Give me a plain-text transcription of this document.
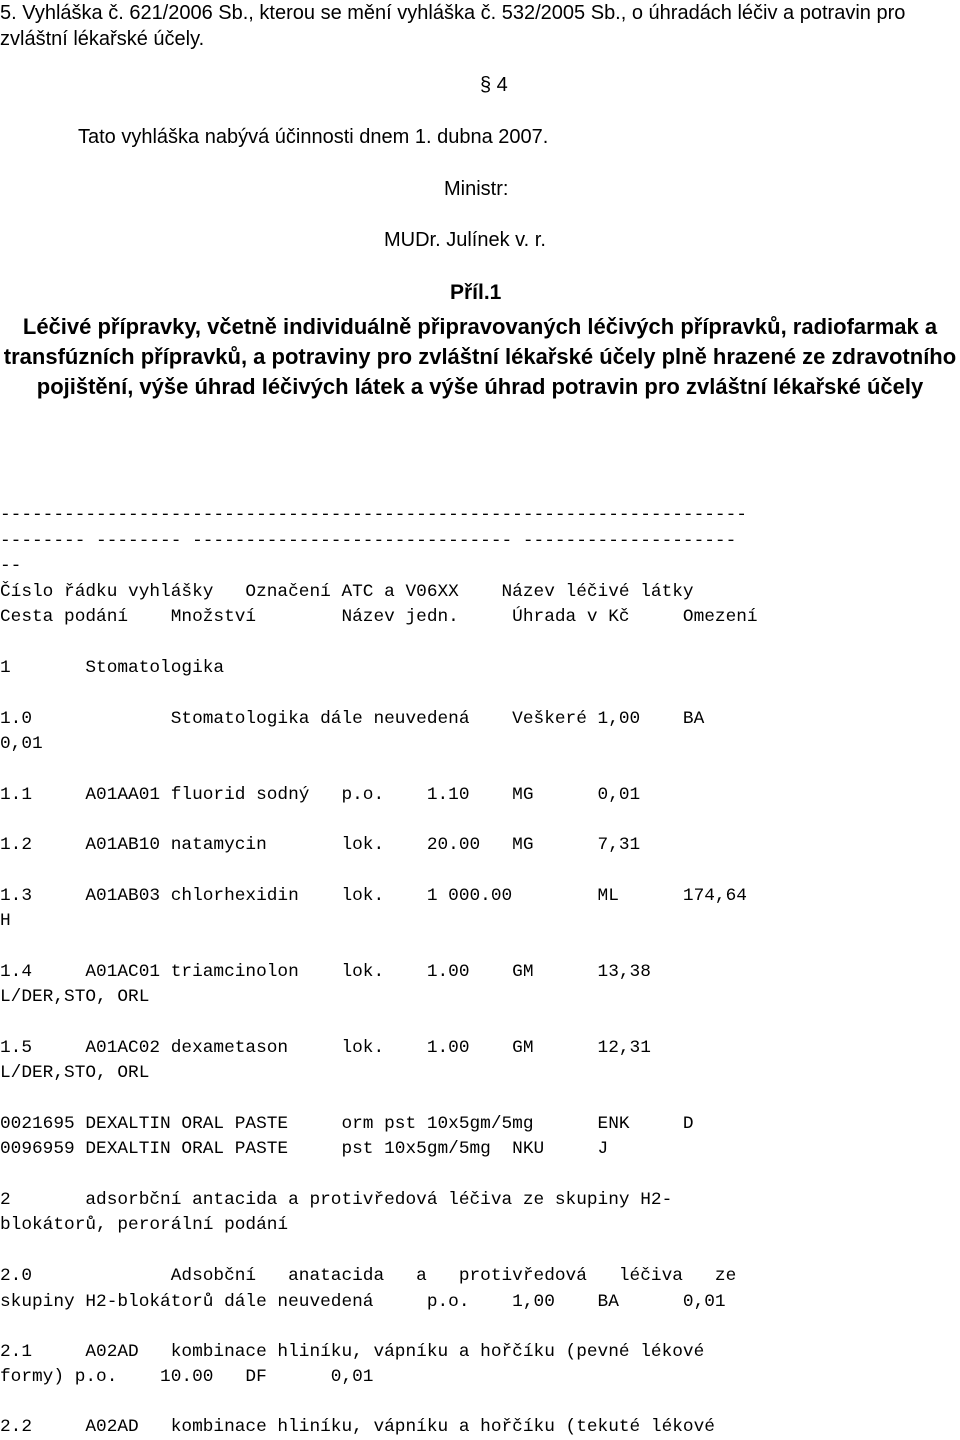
5. Vyhláška č. 621/2006 Sb., kterou se mění vyhláška č. 532/2005 Sb., o úhradách léčiv a potravin pro zvláštní lékařské účely.
§ 4
Tato vyhláška nabývá účinnosti dnem 1. dubna 2007.
Ministr:
MUDr. Julínek v. r.
Příl.1
Léčivé přípravky, včetně individuálně připravovaných léčivých přípravků, radiofarmak a transfúzních přípravků, a potraviny pro zvláštní lékařské účely plně hrazené ze zdravotního pojištění, výše úhrad léčivých látek a výše úhrad potravin pro zvláštní lékařské účely
----------------------------------------------------------------------
-------- -------- ------------------------------ --------------------
--
Číslo řádku vyhlášky   Označení ATC a V06XX    Název léčivé látky
Cesta podání    Množství        Název jedn.     Úhrada v Kč     Omezení
1       Stomatologika
1.0             Stomatologika dále neuvedená    Veškeré 1,00    BA
0,01
1.1     A01AA01 fluorid sodný   p.o.    1.10    MG      0,01
1.2     A01AB10 natamycin       lok.    20.00   MG      7,31
1.3     A01AB03 chlorhexidin    lok.    1 000.00        ML      174,64
H
1.4     A01AC01 triamcinolon    lok.    1.00    GM      13,38
L/DER,STO, ORL
1.5     A01AC02 dexametason     lok.    1.00    GM      12,31
L/DER,STO, ORL
0021695 DEXALTIN ORAL PASTE     orm pst 10x5gm/5mg      ENK     D
0096959 DEXALTIN ORAL PASTE     pst 10x5gm/5mg  NKU     J
2       adsorbční antacida a protivředová léčiva ze skupiny H2-
blokátorů, perorální podání
2.0             Adsobční   anatacida   a   protivředová   léčiva   ze
skupiny H2-blokátorů dále neuvedená     p.o.    1,00    BA      0,01
2.1     A02AD   kombinace hliníku, vápníku a hořčíku (pevné lékové
formy) p.o.    10.00   DF      0,01
2.2     A02AD   kombinace hliníku, vápníku a hořčíku (tekuté lékové
